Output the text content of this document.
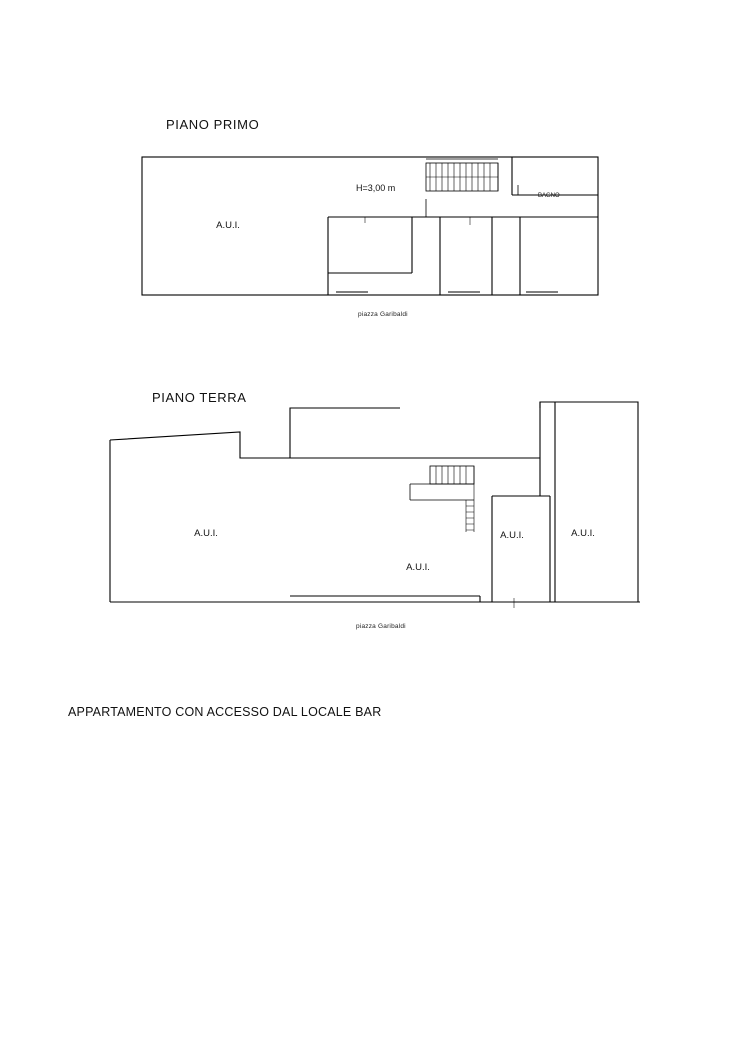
PIANO PRIMO
H=3,00 m
A.U.I.
BAGNO
piazza Garibaldi
PIANO TERRA
A.U.I.
A.U.I.
A.U.I.	A.U.I.
piazza Garibaldi
APPARTAMENTO CON ACCESSO DAL LOCALE BAR
